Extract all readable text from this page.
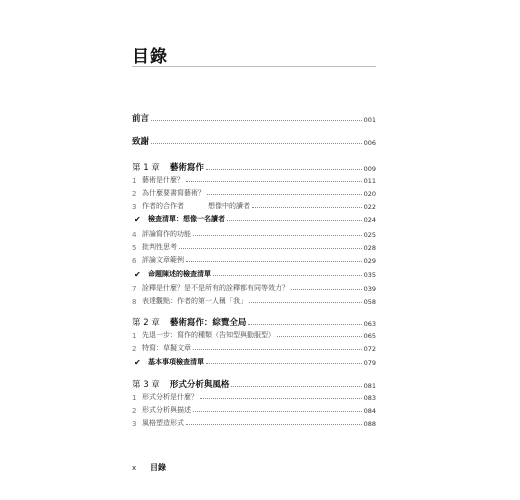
目錄
前言	001
致謝	006
第 1 章 藝術寫作	009
1 藝術是什麼？	011
2 為什麼要書寫藝術？	020
3 作者的合作者	想像中的讀者	022
✔	檢查清單：想像一名讀者	024
4 評論寫作的功能	025
5 批判性思考	028
6 評論文章範例	029
✔	命題陳述的檢查清單	035
7 詮釋是什麼？是不是所有的詮釋都有同等效力？	039
8 表達觀點：作者的第一人稱「我」	058
第 2 章 藝術寫作：綜覽全局	063
1 先退一步：寫作的種類（告知型與勸服型）	065
2 特寫：草擬文章	072
✔	基本事項檢查清單	079
第 3 章 形式分析與風格	081
1 形式分析是什麼？	083
2 形式分析與描述	084
3 風格塑造形式	088
x 目錄
